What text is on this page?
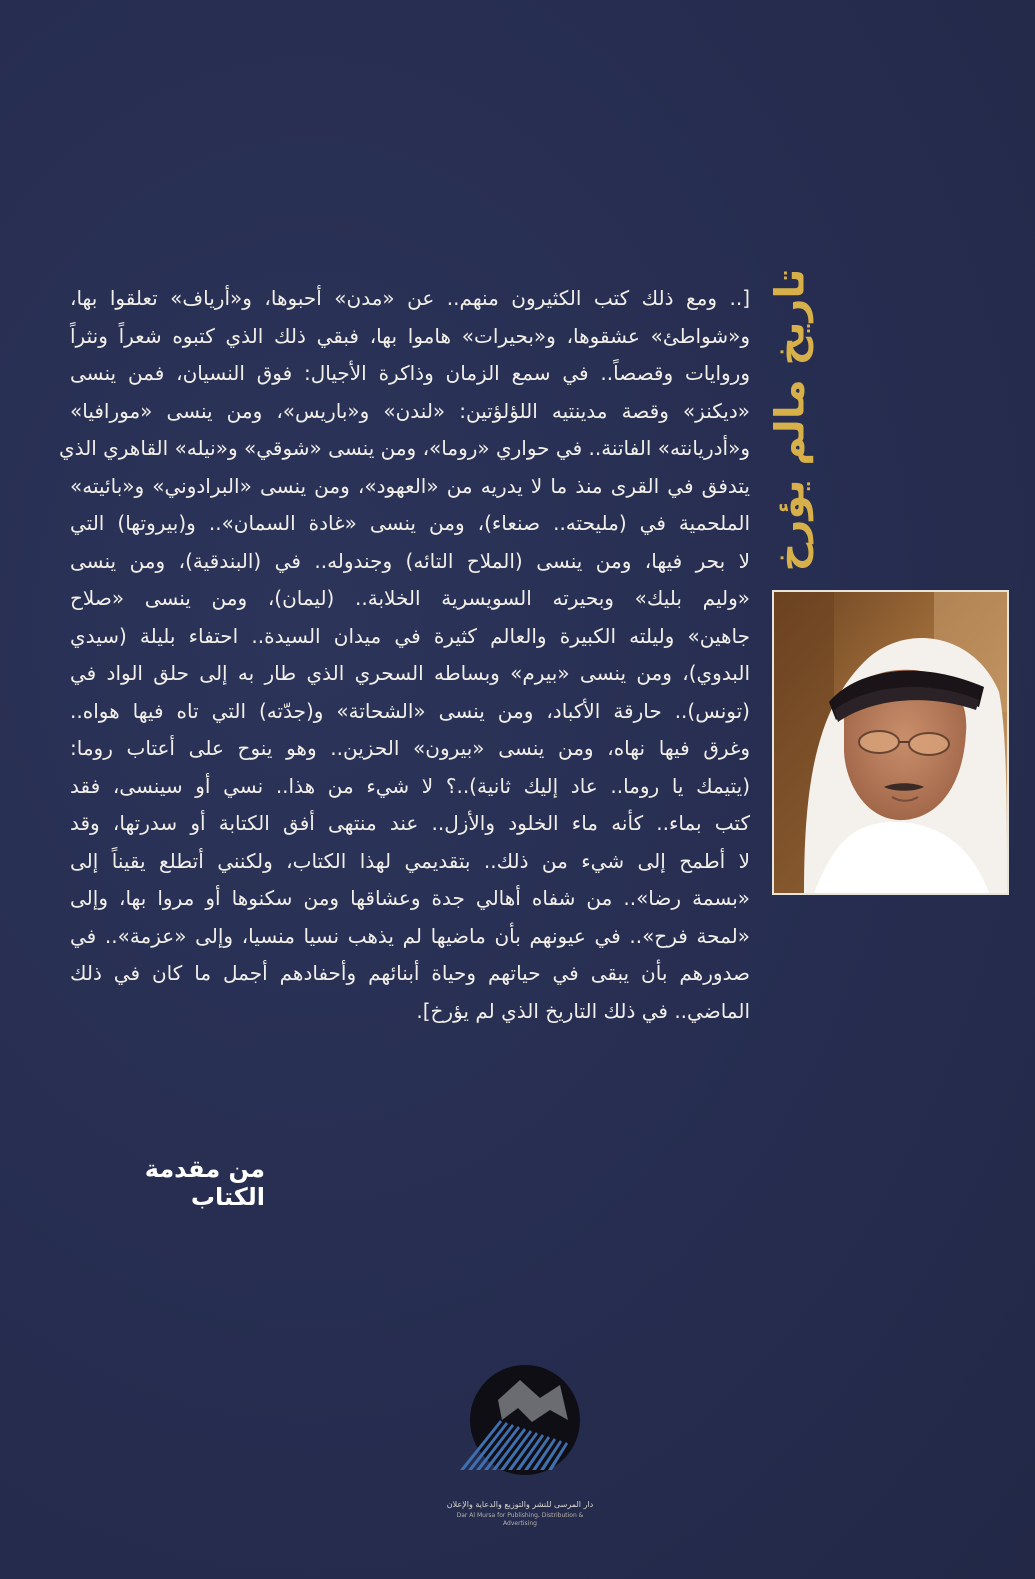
تاريخ مالم يؤرخ
[.. ومع ذلك كتب الكثيرون منهم.. عن «مدن» أحبوها، و«أرياف» تعلقوا بها،
و«شواطئ» عشقوها، و«بحيرات» هاموا بها، فبقي ذلك الذي كتبوه شعراً ونثراً
وروايات وقصصاً.. في سمع الزمان وذاكرة الأجيال: فوق النسيان، فمن ينسى
«ديكنز» وقصة مدينتيه اللؤلؤتين: «لندن» و«باريس»، ومن ينسى «مورافيا»
و«أدريانته» الفاتنة.. في حواري «روما»، ومن ينسى «شوقي» و«نيله» القاهري الذي
يتدفق في القرى منذ ما لا يدريه من «العهود»، ومن ينسى «البرادوني» و«بائيته»
الملحمية في (مليحته.. صنعاء)، ومن ينسى «غادة السمان».. و(بيروتها) التي
لا بحر فيها، ومن ينسى (الملاح التائه) وجندوله.. في (البندقية)، ومن ينسى
«وليم بليك» وبحيرته السويسرية الخلابة.. (ليمان)، ومن ينسى «صلاح
جاهين» وليلته الكبيرة والعالم كثيرة في ميدان السيدة.. احتفاء بليلة (سيدي
البدوي)، ومن ينسى «بيرم» وبساطه السحري الذي طار به إلى حلق الواد في
(تونس).. حارقة الأكباد، ومن ينسى «الشحاتة» و(جدّته) التي تاه فيها هواه..
وغرق فيها نهاه، ومن ينسى «بيرون» الحزين.. وهو ينوح على أعتاب روما:
(يتيمك يا روما.. عاد إليك ثانية)..؟ لا شيء من هذا.. نسي أو سينسى، فقد
كتب بماء.. كأنه ماء الخلود والأزل.. عند منتهى أفق الكتابة أو سدرتها، وقد
لا أطمح إلى شيء من ذلك.. بتقديمي لهذا الكتاب، ولكنني أتطلع يقيناً إلى
«بسمة رضا».. من شفاه أهالي جدة وعشاقها ومن سكنوها أو مروا بها، وإلى
«لمحة فرح».. في عيونهم بأن ماضيها لم يذهب نسيا منسيا، وإلى «عزمة».. في
صدورهم بأن يبقى في حياتهم وحياة أبنائهم وأحفادهم أجمل ما كان في ذلك
الماضي.. في ذلك التاريخ الذي لم يؤرخ].
من مقدمة الكتاب
دار المرسى للنشر والتوزيع والدعاية والإعلان
Dar Al Mursa for Publishing, Distribution & Advertising
